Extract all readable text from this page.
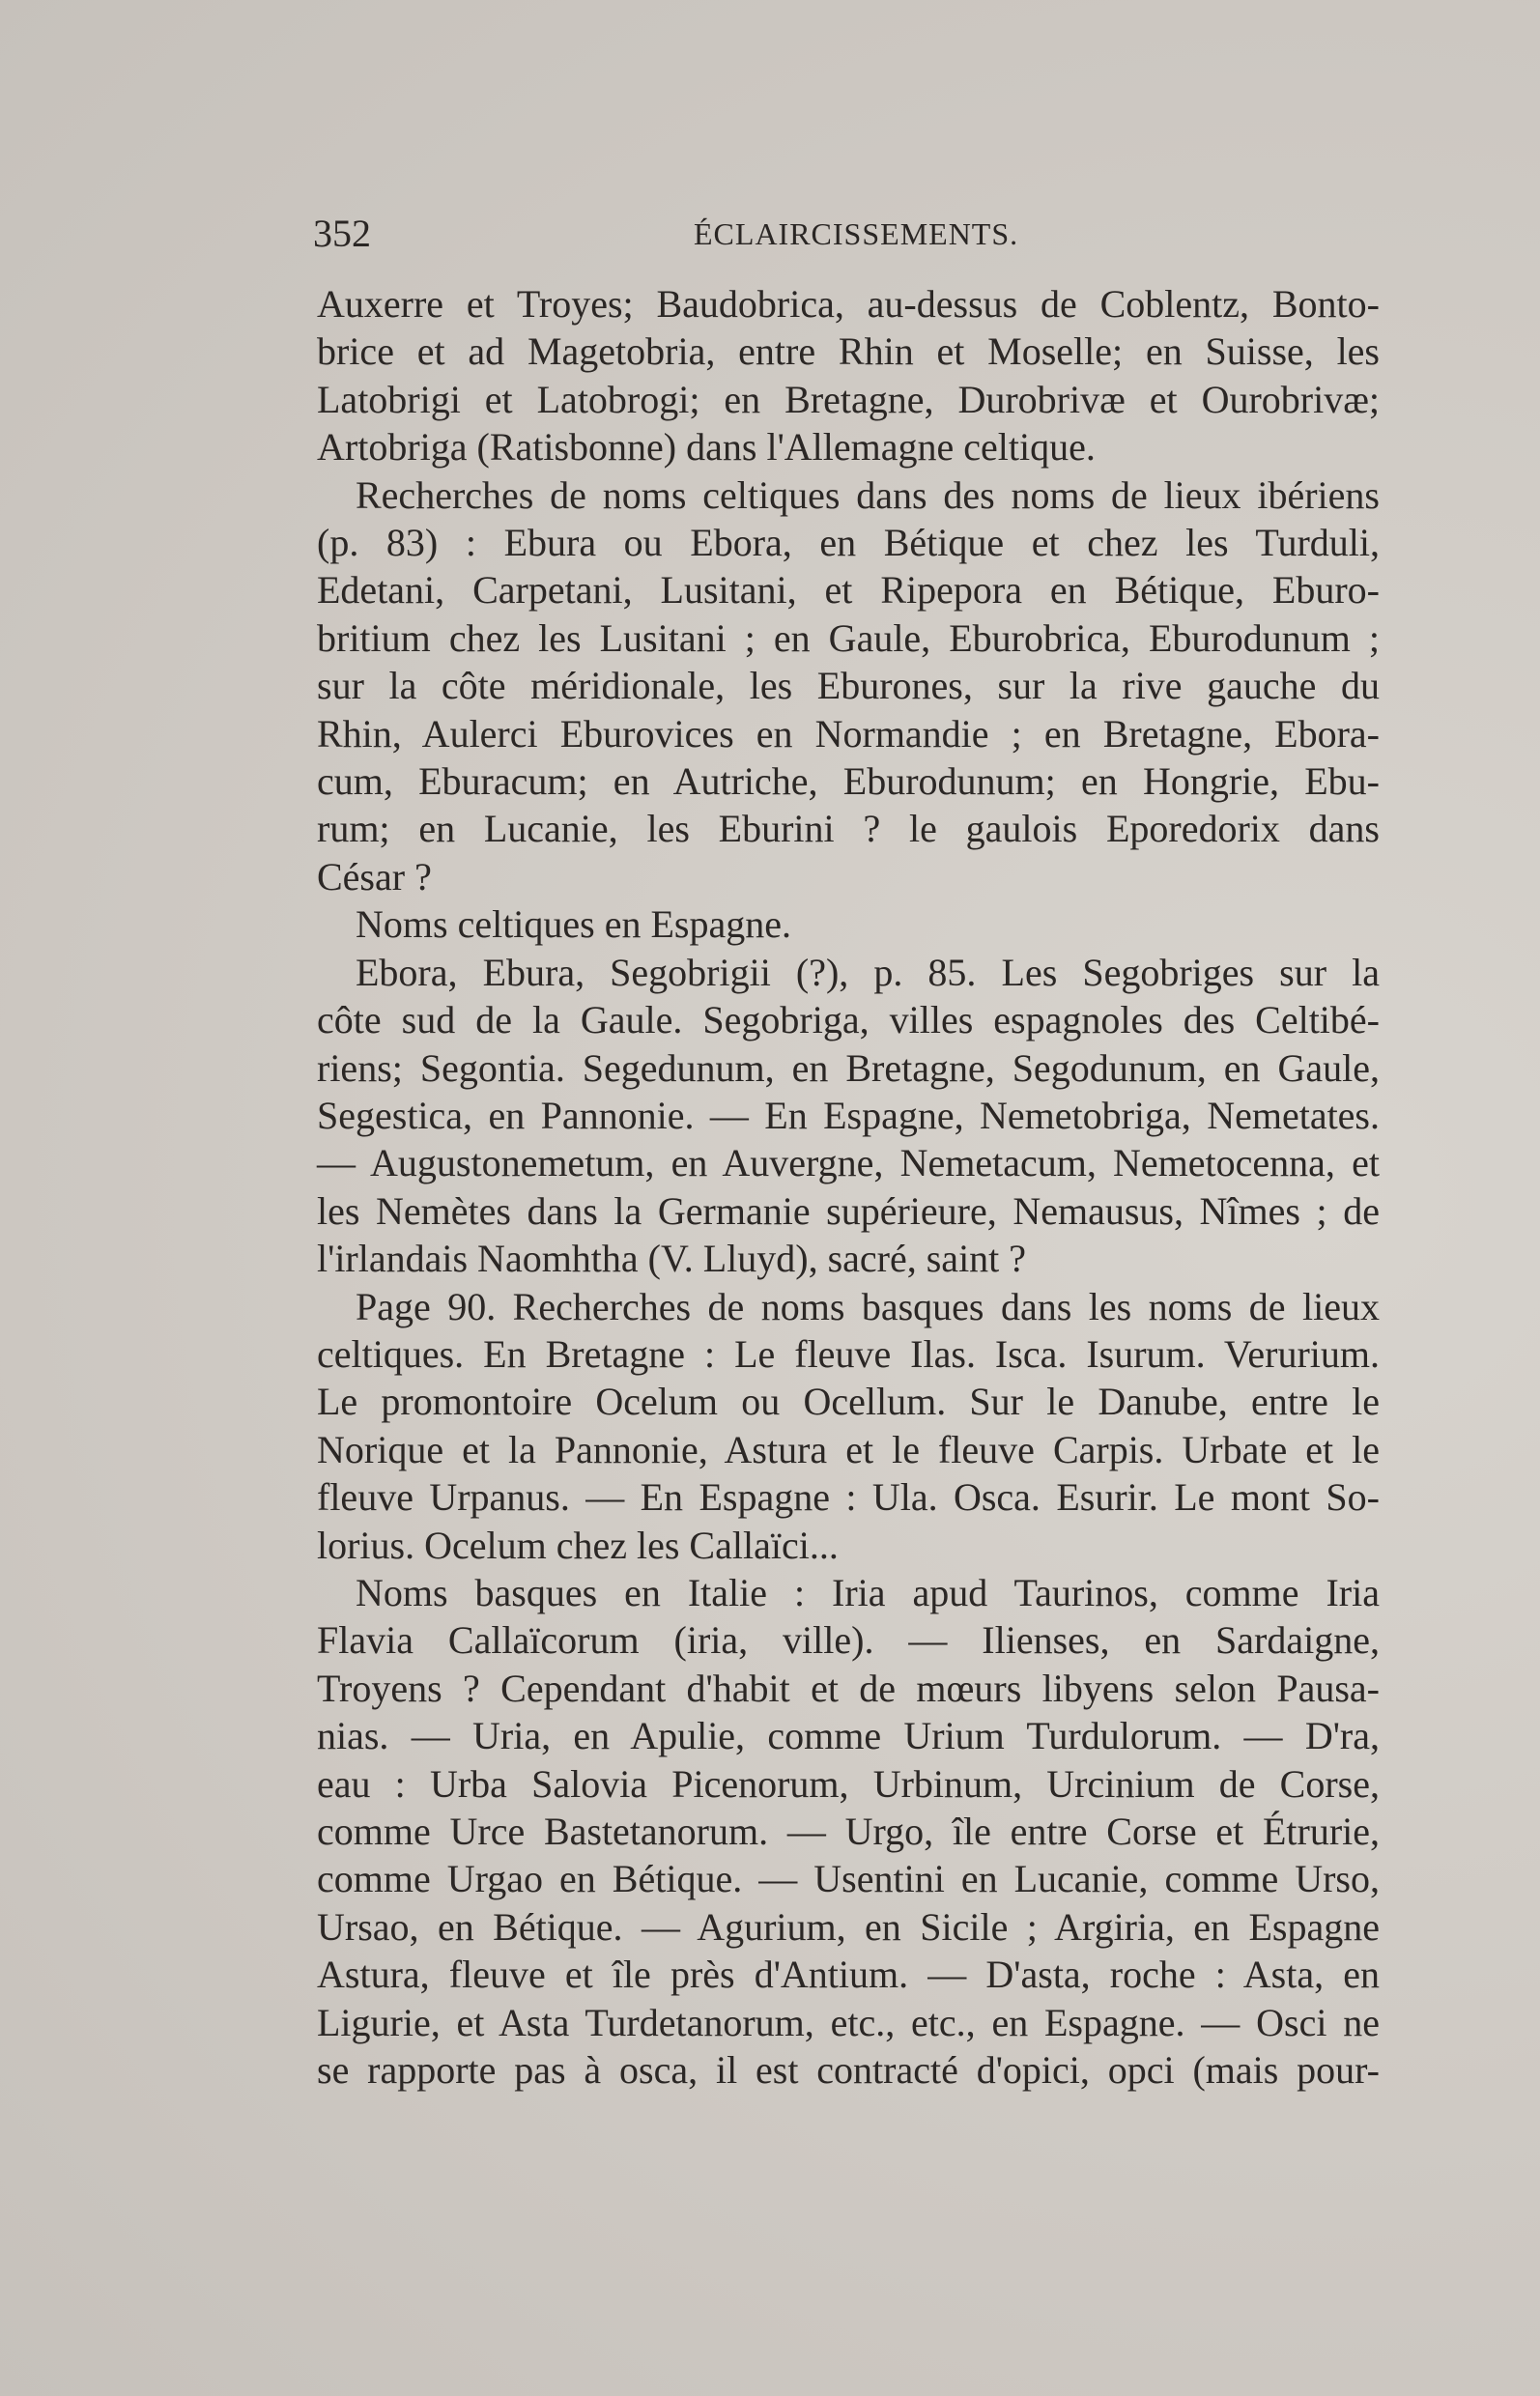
352	ÉCLAIRCISSEMENTS.
Auxerre et Troyes; Baudobrica, au-dessus de Coblentz, Bonto-
brice et ad Magetobria, entre Rhin et Moselle; en Suisse, les
Latobrigi et Latobrogi; en Bretagne, Durobrivæ et Ourobrivæ;
Artobriga (Ratisbonne) dans l'Allemagne celtique.
Recherches de noms celtiques dans des noms de lieux ibériens
(p. 83) : Ebura ou Ebora, en Bétique et chez les Turduli,
Edetani, Carpetani, Lusitani, et Ripepora en Bétique, Eburo-
britium chez les Lusitani ; en Gaule, Eburobrica, Eburodunum ;
sur la côte méridionale, les Eburones, sur la rive gauche du
Rhin, Aulerci Eburovices en Normandie ; en Bretagne, Ebora-
cum, Eburacum; en Autriche, Eburodunum; en Hongrie, Ebu-
rum; en Lucanie, les Eburini ? le gaulois Eporedorix dans
César ?
Noms celtiques en Espagne.
Ebora, Ebura, Segobrigii (?), p. 85. Les Segobriges sur la
côte sud de la Gaule. Segobriga, villes espagnoles des Celtibé-
riens; Segontia. Segedunum, en Bretagne, Segodunum, en Gaule,
Segestica, en Pannonie. — En Espagne, Nemetobriga, Nemetates.
— Augustonemetum, en Auvergne, Nemetacum, Nemetocenna, et
les Nemètes dans la Germanie supérieure, Nemausus, Nîmes ; de
l'irlandais Naomhtha (V. Lluyd), sacré, saint ?
Page 90. Recherches de noms basques dans les noms de lieux
celtiques. En Bretagne : Le fleuve Ilas. Isca. Isurum. Verurium.
Le promontoire Ocelum ou Ocellum. Sur le Danube, entre le
Norique et la Pannonie, Astura et le fleuve Carpis. Urbate et le
fleuve Urpanus. — En Espagne : Ula. Osca. Esurir. Le mont So-
lorius. Ocelum chez les Callaïci...
Noms basques en Italie : Iria apud Taurinos, comme Iria
Flavia Callaïcorum (iria, ville). — Ilienses, en Sardaigne,
Troyens ? Cependant d'habit et de mœurs libyens selon Pausa-
nias. — Uria, en Apulie, comme Urium Turdulorum. — D'ra,
eau : Urba Salovia Picenorum, Urbinum, Urcinium de Corse,
comme Urce Bastetanorum. — Urgo, île entre Corse et Étrurie,
comme Urgao en Bétique. — Usentini en Lucanie, comme Urso,
Ursao, en Bétique. — Agurium, en Sicile ; Argiria, en Espagne
Astura, fleuve et île près d'Antium. — D'asta, roche : Asta, en
Ligurie, et Asta Turdetanorum, etc., etc., en Espagne. — Osci ne
se rapporte pas à osca, il est contracté d'opici, opci (mais pour-
